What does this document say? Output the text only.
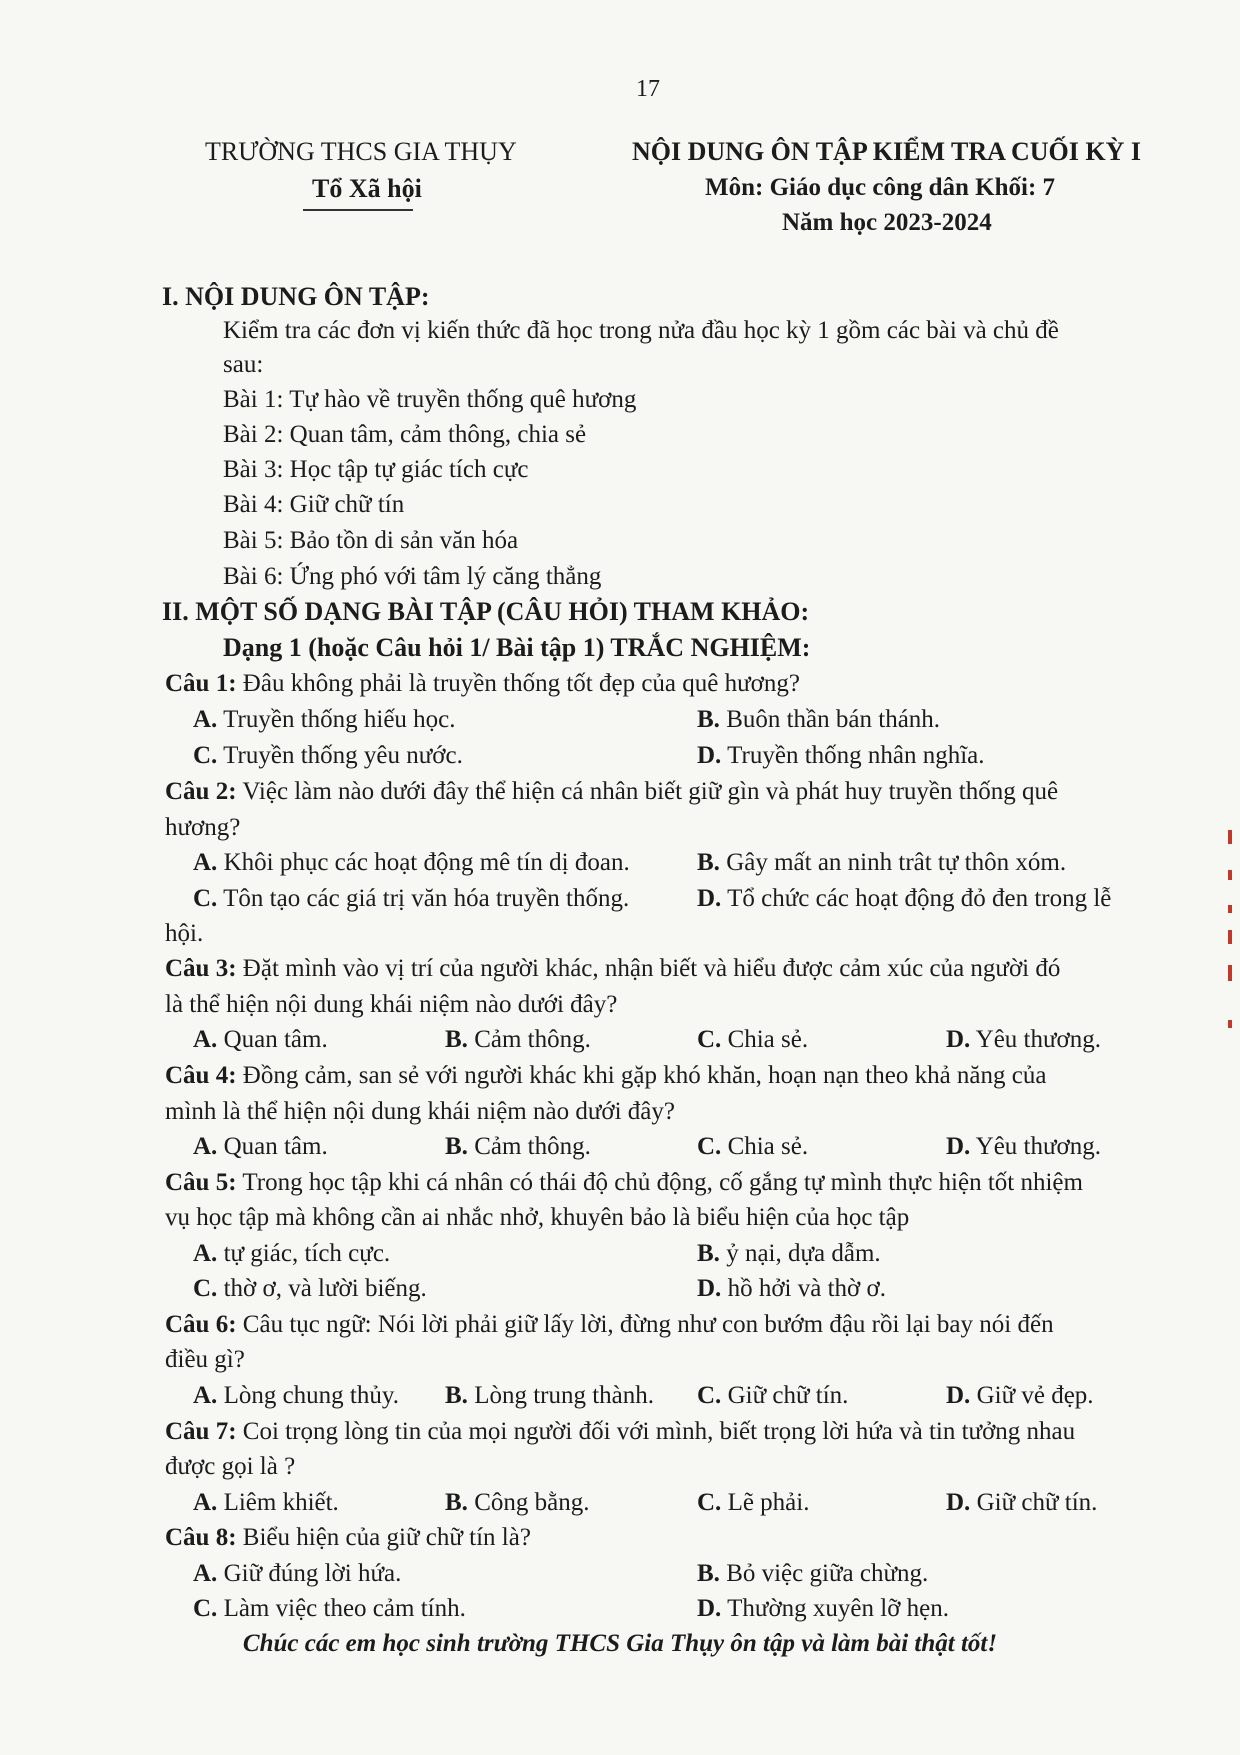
17
TRƯỜNG THCS GIA THỤY
Tổ Xã hội
NỘI DUNG ÔN TẬP KIỂM TRA CUỐI KỲ I
Môn: Giáo dục công dân Khối: 7
Năm học 2023-2024
I. NỘI DUNG ÔN TẬP:
Kiểm tra các đơn vị kiến thức đã học trong nửa đầu học kỳ 1 gồm các bài và chủ đề
sau:
Bài 1: Tự hào về truyền thống quê hương
Bài 2: Quan tâm, cảm thông, chia sẻ
Bài 3: Học tập tự giác tích cực
Bài 4: Giữ chữ tín
Bài 5: Bảo tồn di sản văn hóa
Bài 6: Ứng phó với tâm lý căng thẳng
II. MỘT SỐ DẠNG BÀI TẬP (CÂU HỎI) THAM KHẢO:
Dạng 1 (hoặc Câu hỏi 1/ Bài tập 1) TRẮC NGHIỆM:
Câu 1: Đâu không phải là truyền thống tốt đẹp của quê hương?
A. Truyền thống hiếu học.	B. Buôn thần bán thánh.
C. Truyền thống yêu nước.	D. Truyền thống nhân nghĩa.
Câu 2: Việc làm nào dưới đây thể hiện cá nhân biết giữ gìn và phát huy truyền thống quê
hương?
A. Khôi phục các hoạt động mê tín dị đoan.	B. Gây mất an ninh trât tự thôn xóm.
C. Tôn tạo các giá trị văn hóa truyền thống.	D. Tổ chức các hoạt động đỏ đen trong lễ
hội.
Câu 3: Đặt mình vào vị trí của người khác, nhận biết và hiểu được cảm xúc của người đó
là thể hiện nội dung khái niệm nào dưới đây?
A. Quan tâm.	B. Cảm thông.	C. Chia sẻ.	D. Yêu thương.
Câu 4: Đồng cảm, san sẻ với người khác khi gặp khó khăn, hoạn nạn theo khả năng của
mình là thể hiện nội dung khái niệm nào dưới đây?
A. Quan tâm.	B. Cảm thông.	C. Chia sẻ.	D. Yêu thương.
Câu 5: Trong học tập khi cá nhân có thái độ chủ động, cố gắng tự mình thực hiện tốt nhiệm
vụ học tập mà không cần ai nhắc nhở, khuyên bảo là biểu hiện của học tập
A. tự giác, tích cực.	B. ỷ nại, dựa dẫm.
C. thờ ơ, và lười biếng.	D. hồ hởi và thờ ơ.
Câu 6: Câu tục ngữ: Nói lời phải giữ lấy lời, đừng như con bướm đậu rồi lại bay nói đến
điều gì?
A. Lòng chung thủy. B. Lòng trung thành. C. Giữ chữ tín.	D. Giữ vẻ đẹp.
Câu 7: Coi trọng lòng tin của mọi người đối với mình, biết trọng lời hứa và tin tưởng nhau
được gọi là ?
A. Liêm khiết.	B. Công bằng.	C. Lẽ phải.	D. Giữ chữ tín.
Câu 8: Biểu hiện của giữ chữ tín là?
A. Giữ đúng lời hứa.	B. Bỏ việc giữa chừng.
C. Làm việc theo cảm tính.	D. Thường xuyên lỡ hẹn.
Chúc các em học sinh trường THCS Gia Thụy ôn tập và làm bài thật tốt!
